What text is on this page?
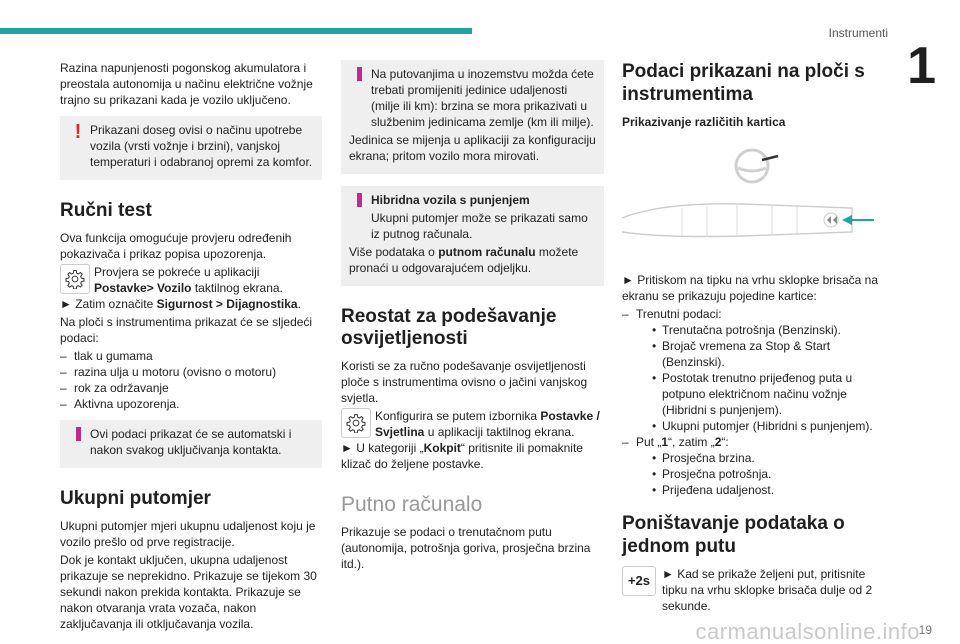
Instrumenti
1

Razina napunjenosti pogonskog akumulatora i preostala autonomija u načinu električne vožnje trajno su prikazani kada je vozilo uključeno.

! Prikazani doseg ovisi o načinu upotrebe vozila (vrsti vožnje i brzini), vanjskoj temperaturi i odabranoj opremi za komfor.

Ručni test

Ova funkcija omogućuje provjeru određenih pokazivača i prikaz popisa upozorenja.

Provjera se pokreće u aplikaciji Postavke> Vozilo taktilnog ekrana.

► Zatim označite Sigurnost > Dijagnostika.

Na ploči s instrumentima prikazat će se sljedeći podaci:

– tlak u gumama
– razina ulja u motoru (ovisno o motoru)
– rok za održavanje
– Aktivna upozorenja.

Ovi podaci prikazat će se automatski i nakon svakog uključivanja kontakta.

Ukupni putomjer

Ukupni putomjer mjeri ukupnu udaljenost koju je vozilo prešlo od prve registracije.

Dok je kontakt uključen, ukupna udaljenost prikazuje se neprekidno. Prikazuje se tijekom 30 sekundi nakon prekida kontakta. Prikazuje se nakon otvaranja vrata vozača, nakon zaključavanja ili otključavanja vozila.

Na putovanjima u inozemstvu možda ćete trebati promijeniti jedinice udaljenosti (milje ili km): brzina se mora prikazivati u službenim jedinicama zemlje (km ili milje).

Jedinica se mijenja u aplikaciji za konfiguraciju ekrana; pritom vozilo mora mirovati.

Hibridna vozila s punjenjem

Ukupni putomjer može se prikazati samo iz putnog računala.

Više podataka o putnom računalu možete pronaći u odgovarajućem odjeljku.

Reostat za podešavanje osvijetljenosti

Koristi se za ručno podešavanje osvijetljenosti ploče s instrumentima ovisno o jačini vanjskog svjetla.

Konfigurira se putem izbornika Postavke / Svjetlina u aplikaciji taktilnog ekrana.

► U kategoriji „Kokpit“ pritisnite ili pomaknite klizač do željene postavke.

Putno računalo

Prikazuje se podaci o trenutačnom putu (autonomija, potrošnja goriva, prosječna brzina itd.).

Podaci prikazani na ploči s instrumentima
Prikazivanje različitih kartica

► Pritiskom na tipku na vrhu sklopke brisača na ekranu se prikazuju pojedine kartice:

– Trenutni podaci:
• Trenutačna potrošnja (Benzinski).
• Brojač vremena za Stop & Start (Benzinski).
• Postotak trenutno prijeđenog puta u potpuno električnom načinu vožnje (Hibridni s punjenjem).
• Ukupni putomjer (Hibridni s punjenjem).
– Put „1“, zatim „2“:
• Prosječna brzina.
• Prosječna potrošnja.
• Prijeđena udaljenost.
Poništavanje podataka o jednom putu
+2s ► Kad se prikaže željeni put, pritisnite tipku na vrhu sklopke brisača dulje od 2 sekunde.
carmanualsonline.info
19
